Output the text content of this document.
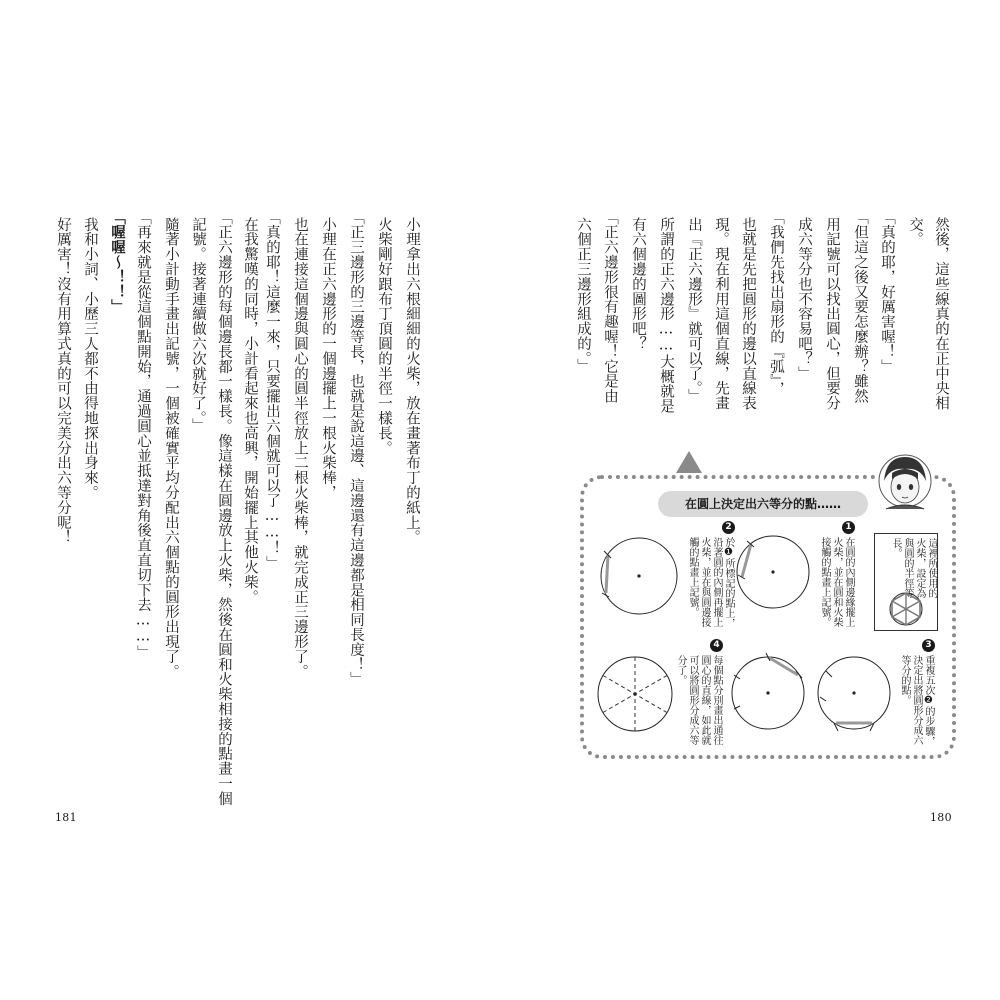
然後，這些線真的在正中央相
交。
「真的耶，好厲害喔！」
「但這之後又要怎麼辦？雖然
用記號可以找出圓心，但要分
成六等分也不容易吧？」
「我們先找出扇形的『弧』，
也就是先把圓形的邊以直線表
現。現在利用這個直線，先畫
出『正六邊形』就可以了。」
所謂的正六邊形……大概就是
有六個邊的圖形吧？
「正六邊形很有趣喔！它是由
六個正三邊形組成的。」
180
在圓上決定出六等分的點……
這裡所使用的
火柴，設定為
與圓的半徑等
長。
1
在圓的內側邊緣擺上
火柴，並在圓和火柴
接觸的點畫上記號。
2
於❶所標記的點上，
沿著圓的內側再擺上
火柴，並在與圓邊接
觸的點畫上記號。
3
重複五次❷的步驟，
決定出將圓形分成六
等分的點。
4
每個點分別畫出通往
圓心的直線，如此就
可以將圓形分成六等
分了。
小理拿出六根細細的火柴，放在畫著布丁的紙上。
火柴剛好跟布丁頂圓的半徑一樣長。
「正三邊形的三邊等長，也就是說這邊、這邊還有這邊都是相同長度！」
小理在正六邊形的一個邊擺上一根火柴棒，
也在連接這個邊與圓心的圓半徑放上二根火柴棒，就完成正三邊形了。
「真的耶！這麼一來，只要擺出六個就可以了……！」
在我驚嘆的同時，小計看起來也高興，開始擺上其他火柴。
「正六邊形的每個邊長都一樣長。像這樣在圓邊放上火柴，然後在圓和火柴相接的點畫一個
記號。接著連續做六次就好了。」
隨著小計動手畫出記號，一個被確實平均分配出六個點的圓形出現了。
「再來就是從這個點開始，通過圓心並抵達對角後直直切下去……」
「喔喔～！！」
我和小詞、小歷三人都不由得地探出身來。
好厲害！沒有用算式真的可以完美分出六等分呢！
181
